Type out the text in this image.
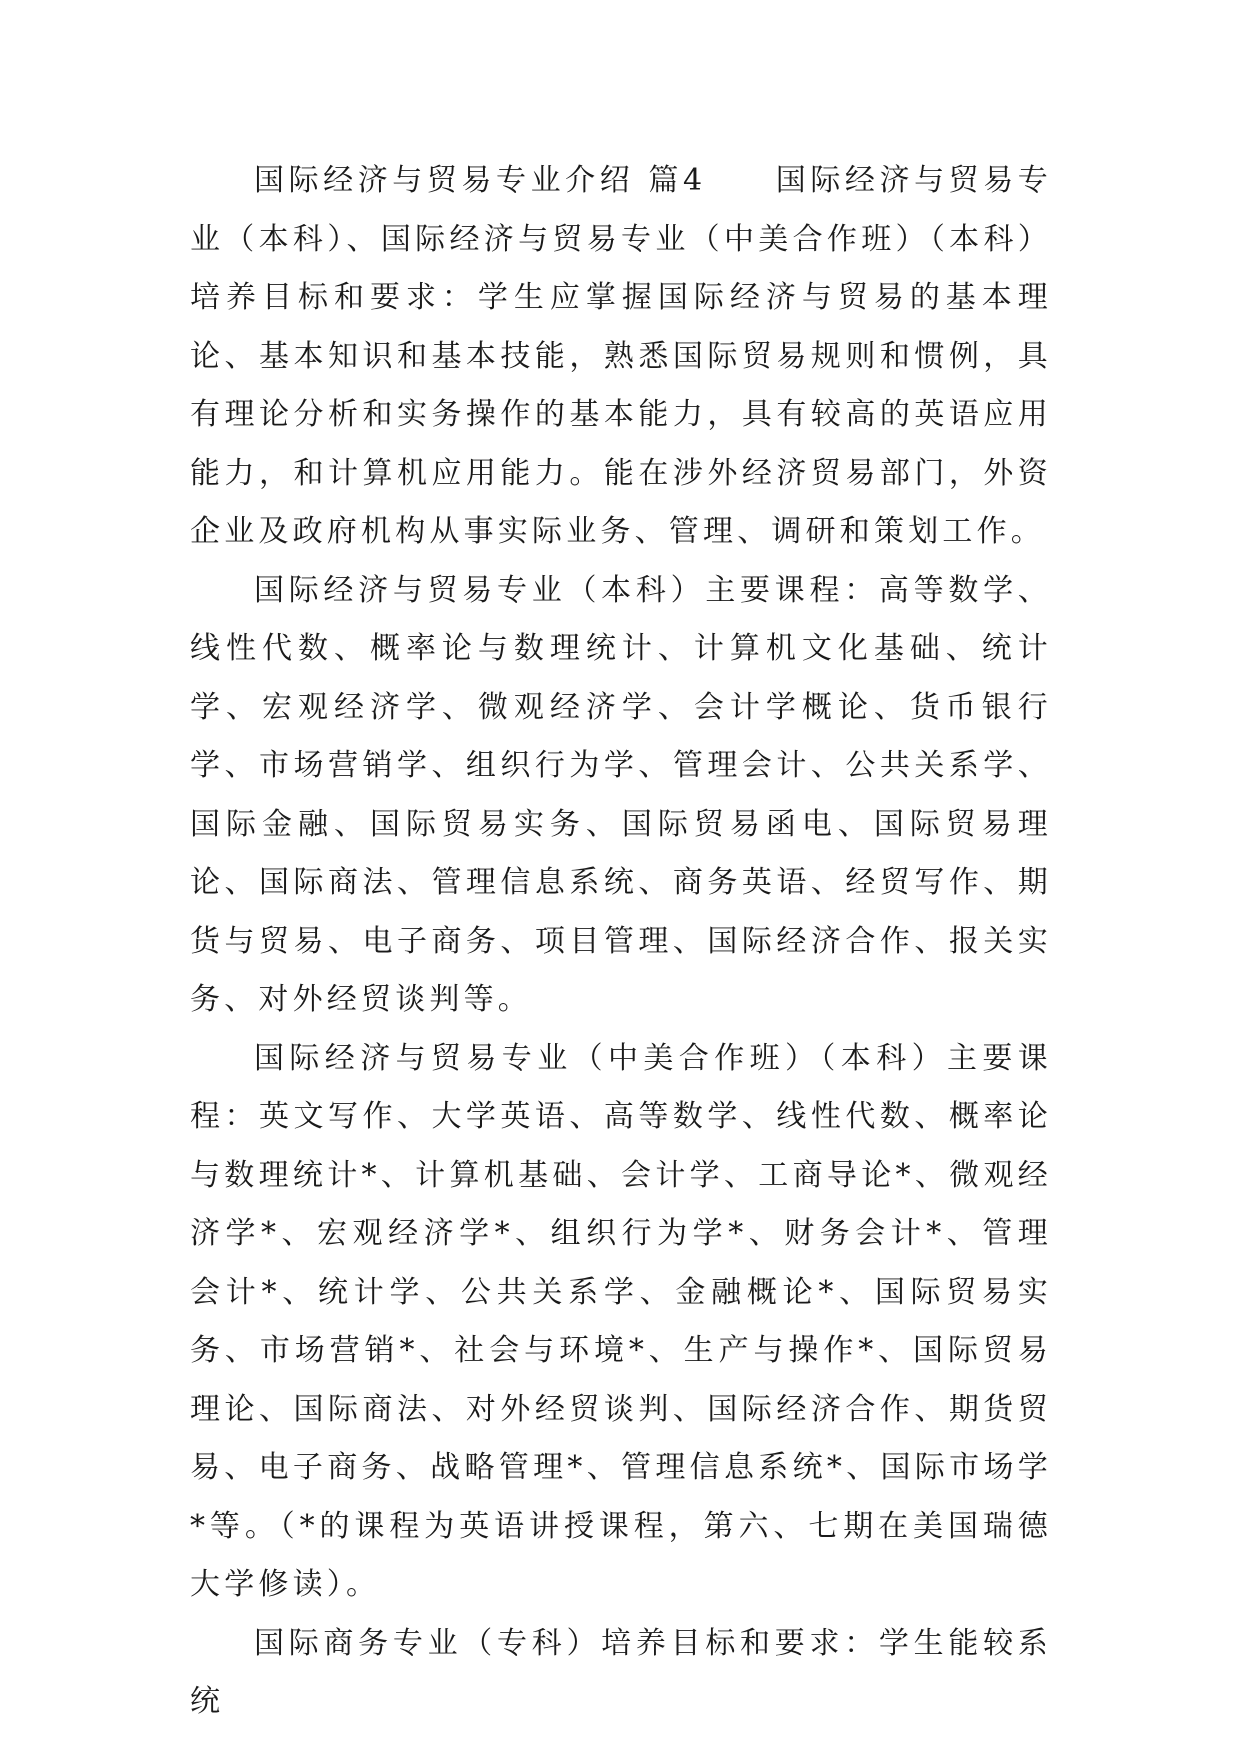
国际经济与贸易专业介绍 篇4　　国际经济与贸易专业（本科）、国际经济与贸易专业（中美合作班）（本科）培养目标和要求：学生应掌握国际经济与贸易的基本理论、基本知识和基本技能，熟悉国际贸易规则和惯例，具有理论分析和实务操作的基本能力，具有较高的英语应用能力，和计算机应用能力。能在涉外经济贸易部门，外资企业及政府机构从事实际业务、管理、调研和策划工作。

国际经济与贸易专业（本科）主要课程：高等数学、线性代数、概率论与数理统计、计算机文化基础、统计学、宏观经济学、微观经济学、会计学概论、货币银行学、市场营销学、组织行为学、管理会计、公共关系学、国际金融、国际贸易实务、国际贸易函电、国际贸易理论、国际商法、管理信息系统、商务英语、经贸写作、期货与贸易、电子商务、项目管理、国际经济合作、报关实务、对外经贸谈判等。

国际经济与贸易专业（中美合作班）（本科）主要课程：英文写作、大学英语、高等数学、线性代数、概率论与数理统计*、计算机基础、会计学、工商导论*、微观经济学*、宏观经济学*、组织行为学*、财务会计*、管理会计*、统计学、公共关系学、金融概论*、国际贸易实务、市场营销*、社会与环境*、生产与操作*、国际贸易理论、国际商法、对外经贸谈判、国际经济合作、期货贸易、电子商务、战略管理*、管理信息系统*、国际市场学*等。（*的课程为英语讲授课程，第六、七期在美国瑞德大学修读）。

国际商务专业（专科）培养目标和要求：学生能较系统
